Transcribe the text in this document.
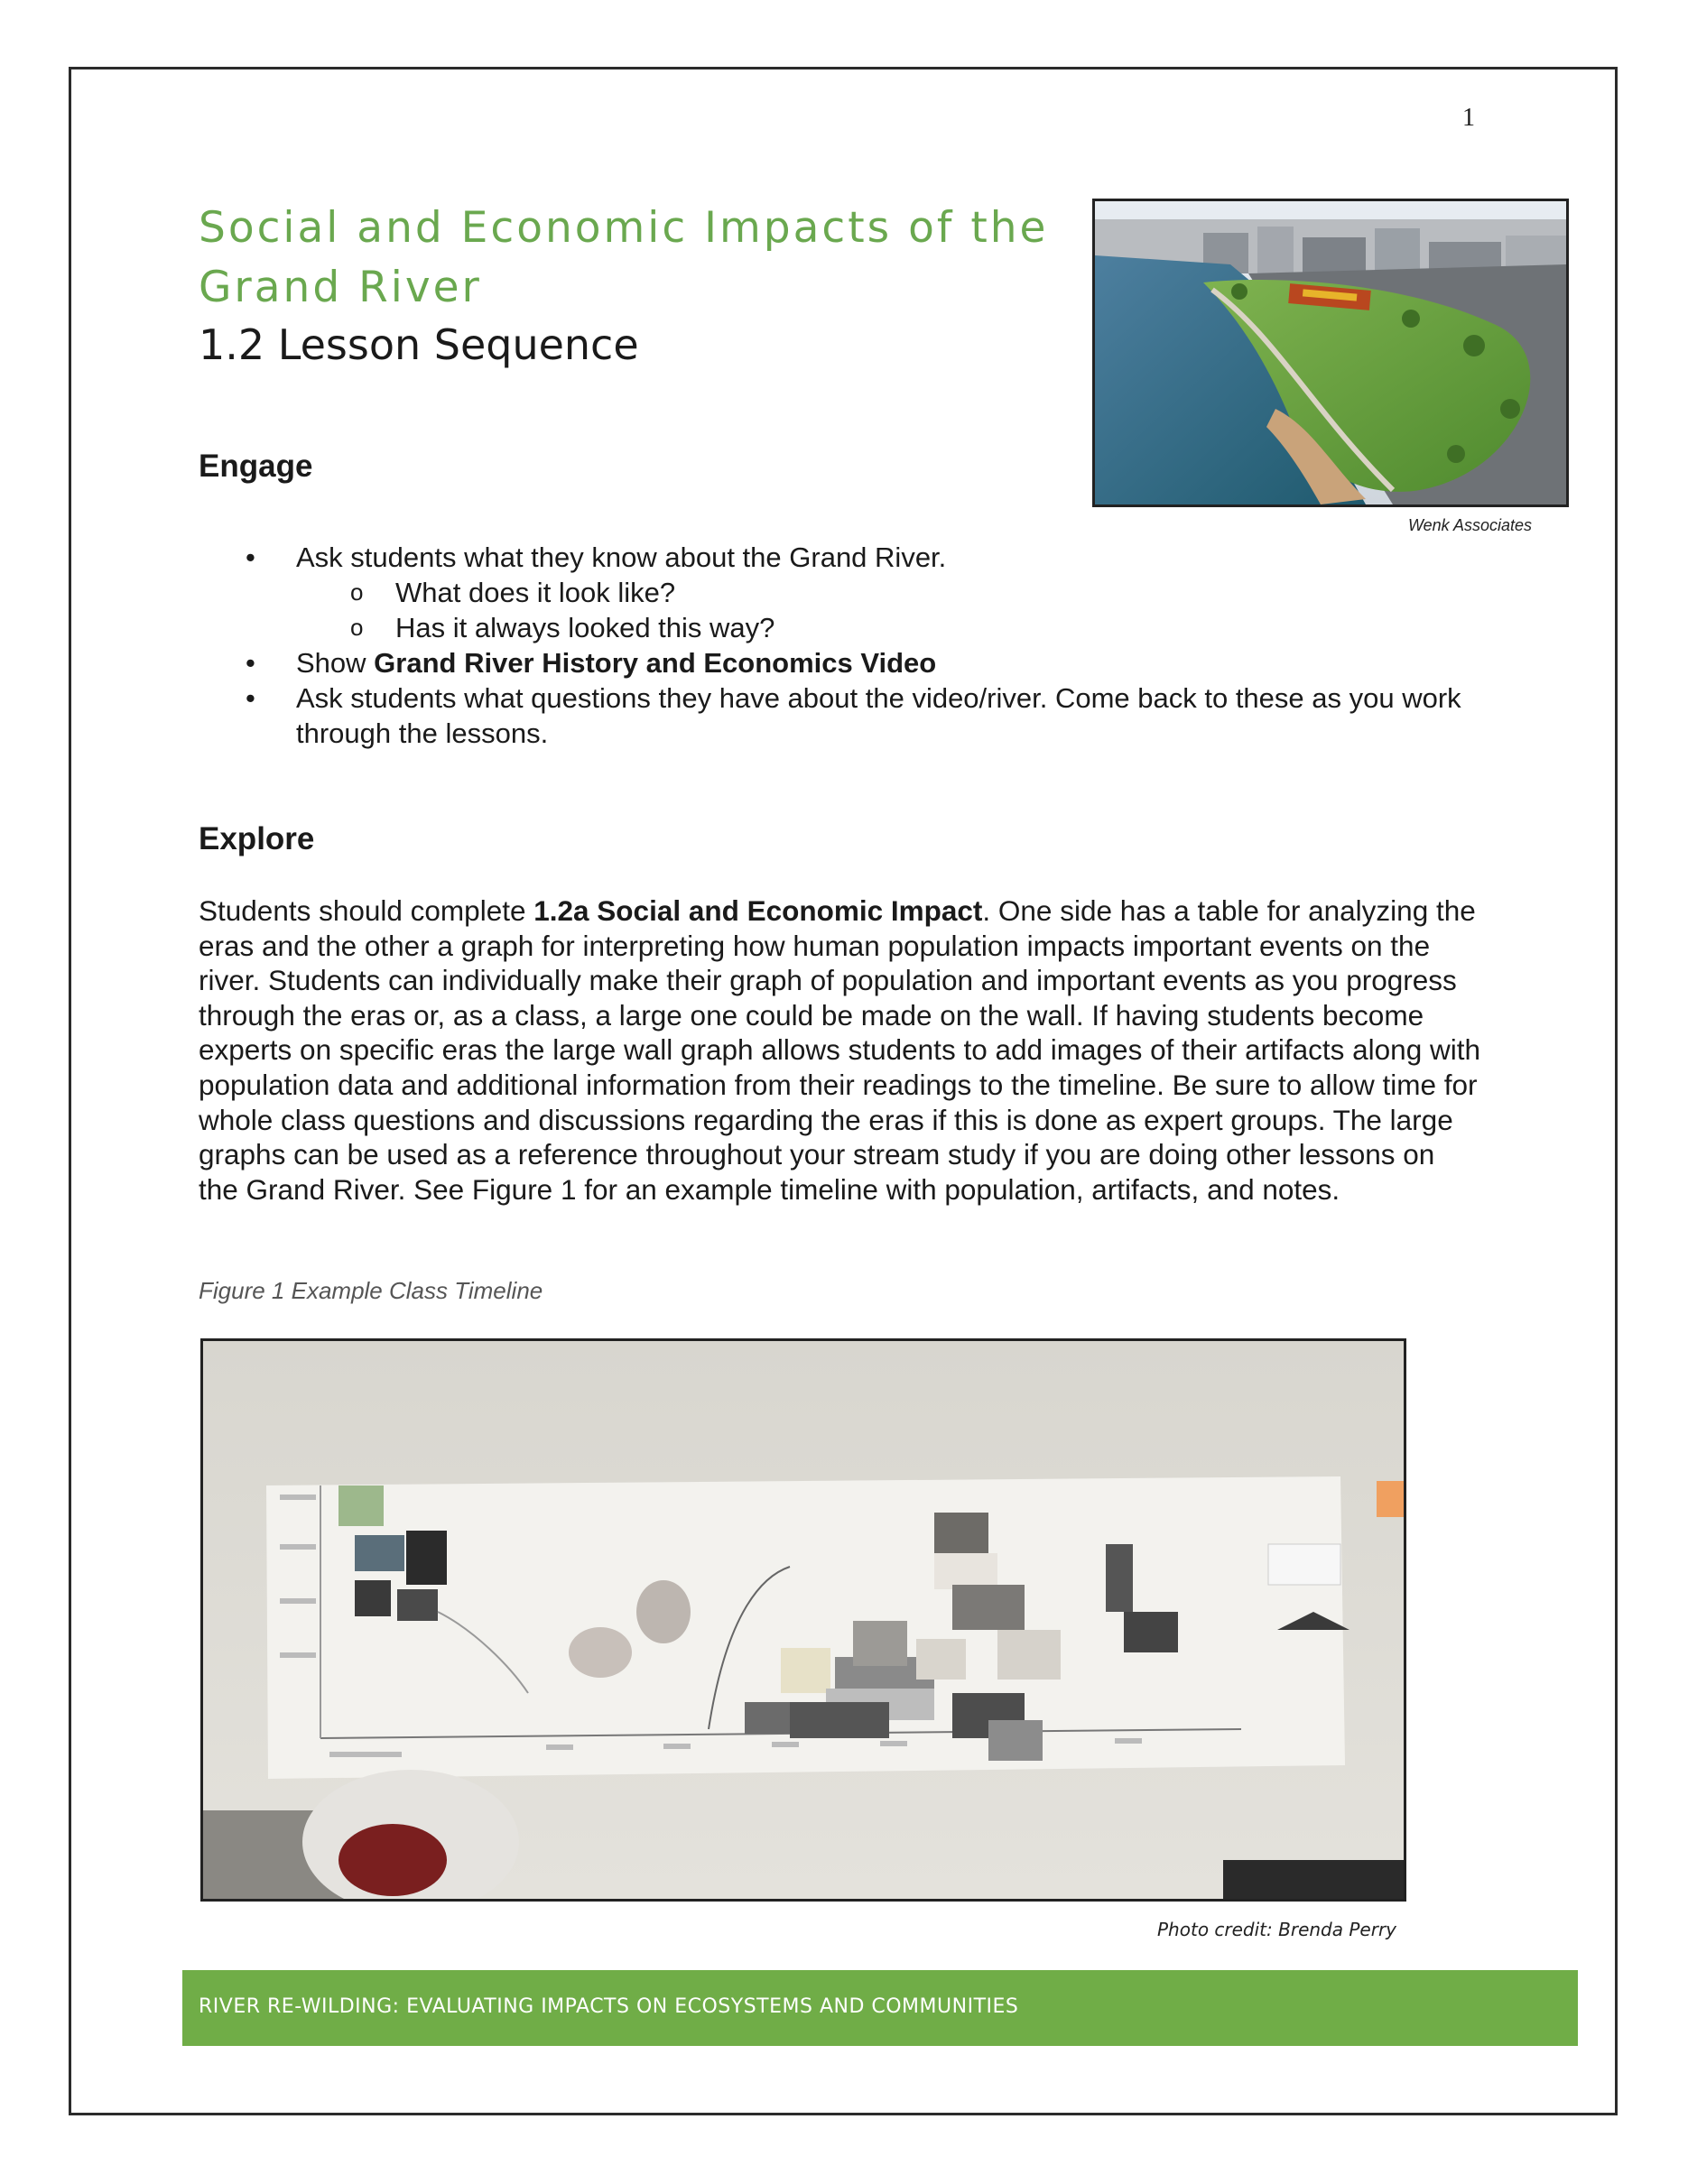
1
Social and Economic Impacts of the Grand River
1.2 Lesson Sequence
Wenk Associates
Engage
• Ask students what they know about the Grand River.
o What does it look like?
o Has it always looked this way?
• Show Grand River History and Economics Video
• Ask students what questions they have about the video/river. Come back to these as you work through the lessons.
Explore
Students should complete 1.2a Social and Economic Impact. One side has a table for analyzing the eras and the other a graph for interpreting how human population impacts important events on the river. Students can individually make their graph of population and important events as you progress through the eras or, as a class, a large one could be made on the wall. If having students become experts on specific eras the large wall graph allows students to add images of their artifacts along with population data and additional information from their readings to the timeline. Be sure to allow time for whole class questions and discussions regarding the eras if this is done as expert groups. The large graphs can be used as a reference throughout your stream study if you are doing other lessons on the Grand River. See Figure 1 for an example timeline with population, artifacts, and notes.
Figure 1 Example Class Timeline
Photo credit: Brenda Perry
RIVER RE-WILDING: EVALUATING IMPACTS ON ECOSYSTEMS AND COMMUNITIES
